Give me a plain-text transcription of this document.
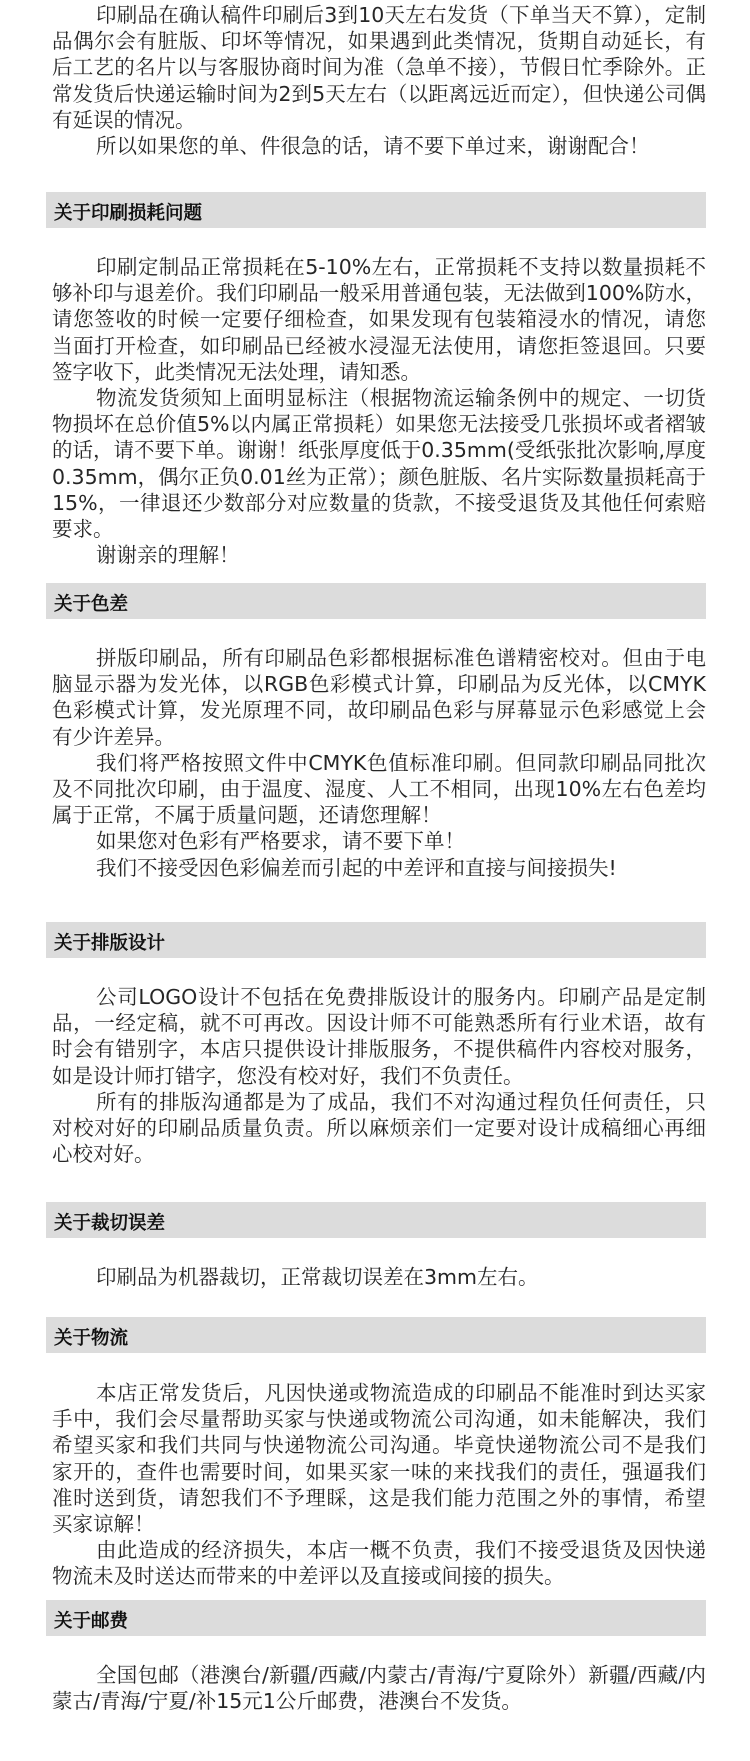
印刷品在确认稿件印刷后3到10天左右发货（下单当天不算），定制品偶尔会有脏版、印坏等情况，如果遇到此类情况，货期自动延长，有后工艺的名片以与客服协商时间为准（急单不接），节假日忙季除外。正常发货后快递运输时间为2到5天左右（以距离远近而定），但快递公司偶有延误的情况。

所以如果您的单、件很急的话，请不要下单过来，谢谢配合！

关于印刷损耗问题

印刷定制品正常损耗在5-10%左右，正常损耗不支持以数量损耗不够补印与退差价。我们印刷品一般采用普通包装，无法做到100%防水，请您签收的时候一定要仔细检查，如果发现有包装箱浸水的情况，请您当面打开检查，如印刷品已经被水浸湿无法使用，请您拒签退回。只要签字收下，此类情况无法处理，请知悉。

物流发货须知上面明显标注（根据物流运输条例中的规定、一切货物损坏在总价值5%以内属正常损耗）如果您无法接受几张损坏或者褶皱的话，请不要下单。谢谢！纸张厚度低于0.35mm(受纸张批次影响,厚度0.35mm，偶尔正负0.01丝为正常）；颜色脏版、名片实际数量损耗高于15%，一律退还少数部分对应数量的货款，不接受退货及其他任何索赔要求。

谢谢亲的理解！

关于色差

拼版印刷品，所有印刷品色彩都根据标准色谱精密校对。但由于电脑显示器为发光体，以RGB色彩模式计算，印刷品为反光体，以CMYK色彩模式计算，发光原理不同，故印刷品色彩与屏幕显示色彩感觉上会有少许差异。

我们将严格按照文件中CMYK色值标准印刷。但同款印刷品同批次及不同批次印刷，由于温度、湿度、人工不相同，出现10%左右色差均属于正常，不属于质量问题，还请您理解！

如果您对色彩有严格要求，请不要下单！

我们不接受因色彩偏差而引起的中差评和直接与间接损失!

关于排版设计

公司LOGO设计不包括在免费排版设计的服务内。印刷产品是定制品，一经定稿，就不可再改。因设计师不可能熟悉所有行业术语，故有时会有错别字，本店只提供设计排版服务，不提供稿件内容校对服务，如是设计师打错字，您没有校对好，我们不负责任。

所有的排版沟通都是为了成品，我们不对沟通过程负任何责任，只对校对好的印刷品质量负责。所以麻烦亲们一定要对设计成稿细心再细心校对好。

关于裁切误差

印刷品为机器裁切，正常裁切误差在3mm左右。

关于物流

本店正常发货后，凡因快递或物流造成的印刷品不能准时到达买家手中，我们会尽量帮助买家与快递或物流公司沟通，如未能解决，我们希望买家和我们共同与快递物流公司沟通。毕竟快递物流公司不是我们家开的，查件也需要时间，如果买家一味的来找我们的责任，强逼我们准时送到货，请恕我们不予理睬，这是我们能力范围之外的事情，希望买家谅解！

由此造成的经济损失，本店一概不负责，我们不接受退货及因快递物流未及时送达而带来的中差评以及直接或间接的损失。

关于邮费

全国包邮（港澳台/新疆/西藏/内蒙古/青海/宁夏除外）新疆/西藏/内蒙古/青海/宁夏/补15元1公斤邮费，港澳台不发货。
